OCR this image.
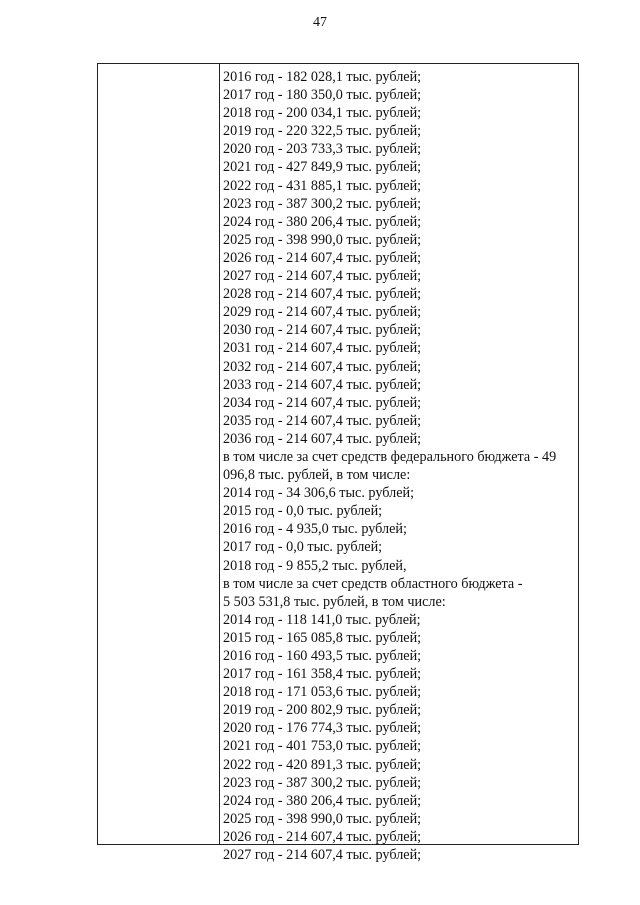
47
2016 год - 182 028,1 тыс. рублей;
2017 год - 180 350,0 тыс. рублей;
2018 год - 200 034,1 тыс. рублей;
2019 год - 220 322,5 тыс. рублей;
2020 год - 203 733,3 тыс. рублей;
2021 год - 427 849,9 тыс. рублей;
2022 год - 431 885,1 тыс. рублей;
2023 год - 387 300,2 тыс. рублей;
2024 год - 380 206,4 тыс. рублей;
2025 год - 398 990,0 тыс. рублей;
2026 год - 214 607,4 тыс. рублей;
2027 год - 214 607,4 тыс. рублей;
2028 год - 214 607,4 тыс. рублей;
2029 год - 214 607,4 тыс. рублей;
2030 год - 214 607,4 тыс. рублей;
2031 год - 214 607,4 тыс. рублей;
2032 год - 214 607,4 тыс. рублей;
2033 год - 214 607,4 тыс. рублей;
2034 год - 214 607,4 тыс. рублей;
2035 год - 214 607,4 тыс. рублей;
2036 год - 214 607,4 тыс. рублей;
в том числе за счет средств федерального бюджета - 49
096,8 тыс. рублей, в том числе:
2014 год - 34 306,6 тыс. рублей;
2015 год - 0,0 тыс. рублей;
2016 год - 4 935,0 тыс. рублей;
2017 год - 0,0 тыс. рублей;
2018 год - 9 855,2 тыс. рублей,
в том числе за счет средств областного бюджета -
5 503 531,8 тыс. рублей, в том числе:
2014 год - 118 141,0 тыс. рублей;
2015 год - 165 085,8 тыс. рублей;
2016 год - 160 493,5 тыс. рублей;
2017 год - 161 358,4 тыс. рублей;
2018 год - 171 053,6 тыс. рублей;
2019 год - 200 802,9 тыс. рублей;
2020 год - 176 774,3 тыс. рублей;
2021 год - 401 753,0 тыс. рублей;
2022 год - 420 891,3 тыс. рублей;
2023 год - 387 300,2 тыс. рублей;
2024 год - 380 206,4 тыс. рублей;
2025 год - 398 990,0 тыс. рублей;
2026 год - 214 607,4 тыс. рублей;
2027 год - 214 607,4 тыс. рублей;
